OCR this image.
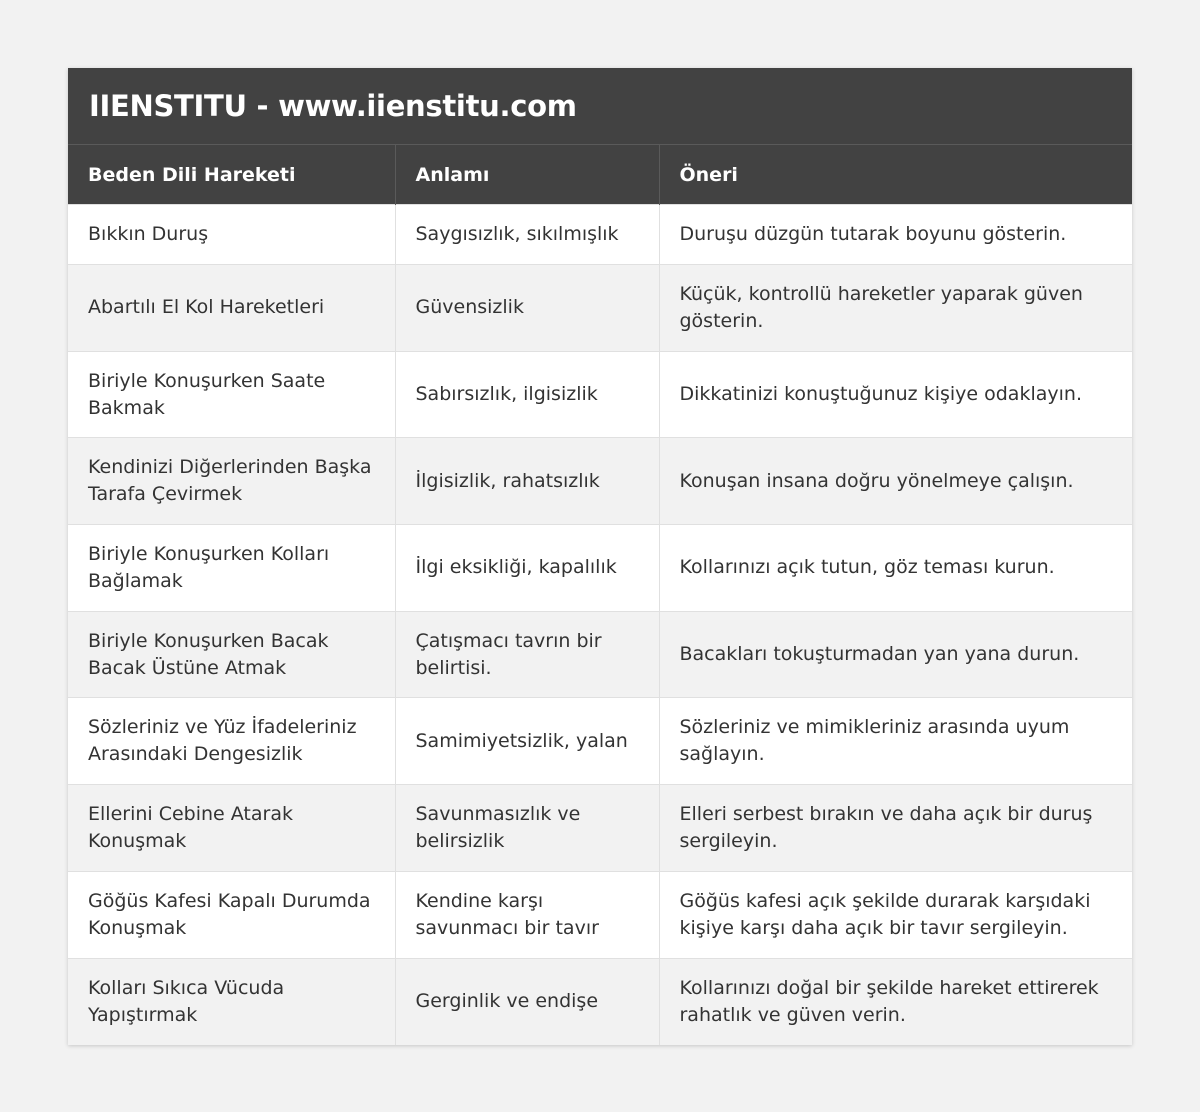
IIENSTITU - www.iienstitu.com
Beden Dili Hareketi	Anlamı	Öneri
Bıkkın Duruş	Saygısızlık, sıkılmışlık	Duruşu düzgün tutarak boyunu gösterin.
Abartılı El Kol Hareketleri	Güvensizlik	Küçük, kontrollü hareketler yaparak güven gösterin.
Biriyle Konuşurken Saate Bakmak	Sabırsızlık, ilgisizlik	Dikkatinizi konuştuğunuz kişiye odaklayın.
Kendinizi Diğerlerinden Başka Tarafa Çevirmek	İlgisizlik, rahatsızlık	Konuşan insana doğru yönelmeye çalışın.
Biriyle Konuşurken Kolları Bağlamak	İlgi eksikliği, kapalılık	Kollarınızı açık tutun, göz teması kurun.
Biriyle Konuşurken Bacak Bacak Üstüne Atmak	Çatışmacı tavrın bir belirtisi.	Bacakları tokuşturmadan yan yana durun.
Sözleriniz ve Yüz İfadeleriniz Arasındaki Dengesizlik	Samimiyetsizlik, yalan	Sözleriniz ve mimikleriniz arasında uyum sağlayın.
Ellerini Cebine Atarak Konuşmak	Savunmasızlık ve belirsizlik	Elleri serbest bırakın ve daha açık bir duruş sergileyin.
Göğüs Kafesi Kapalı Durumda Konuşmak	Kendine karşı savunmacı bir tavır	Göğüs kafesi açık şekilde durarak karşıdaki kişiye karşı daha açık bir tavır sergileyin.
Kolları Sıkıca Vücuda Yapıştırmak	Gerginlik ve endişe	Kollarınızı doğal bir şekilde hareket ettirerek rahatlık ve güven verin.
